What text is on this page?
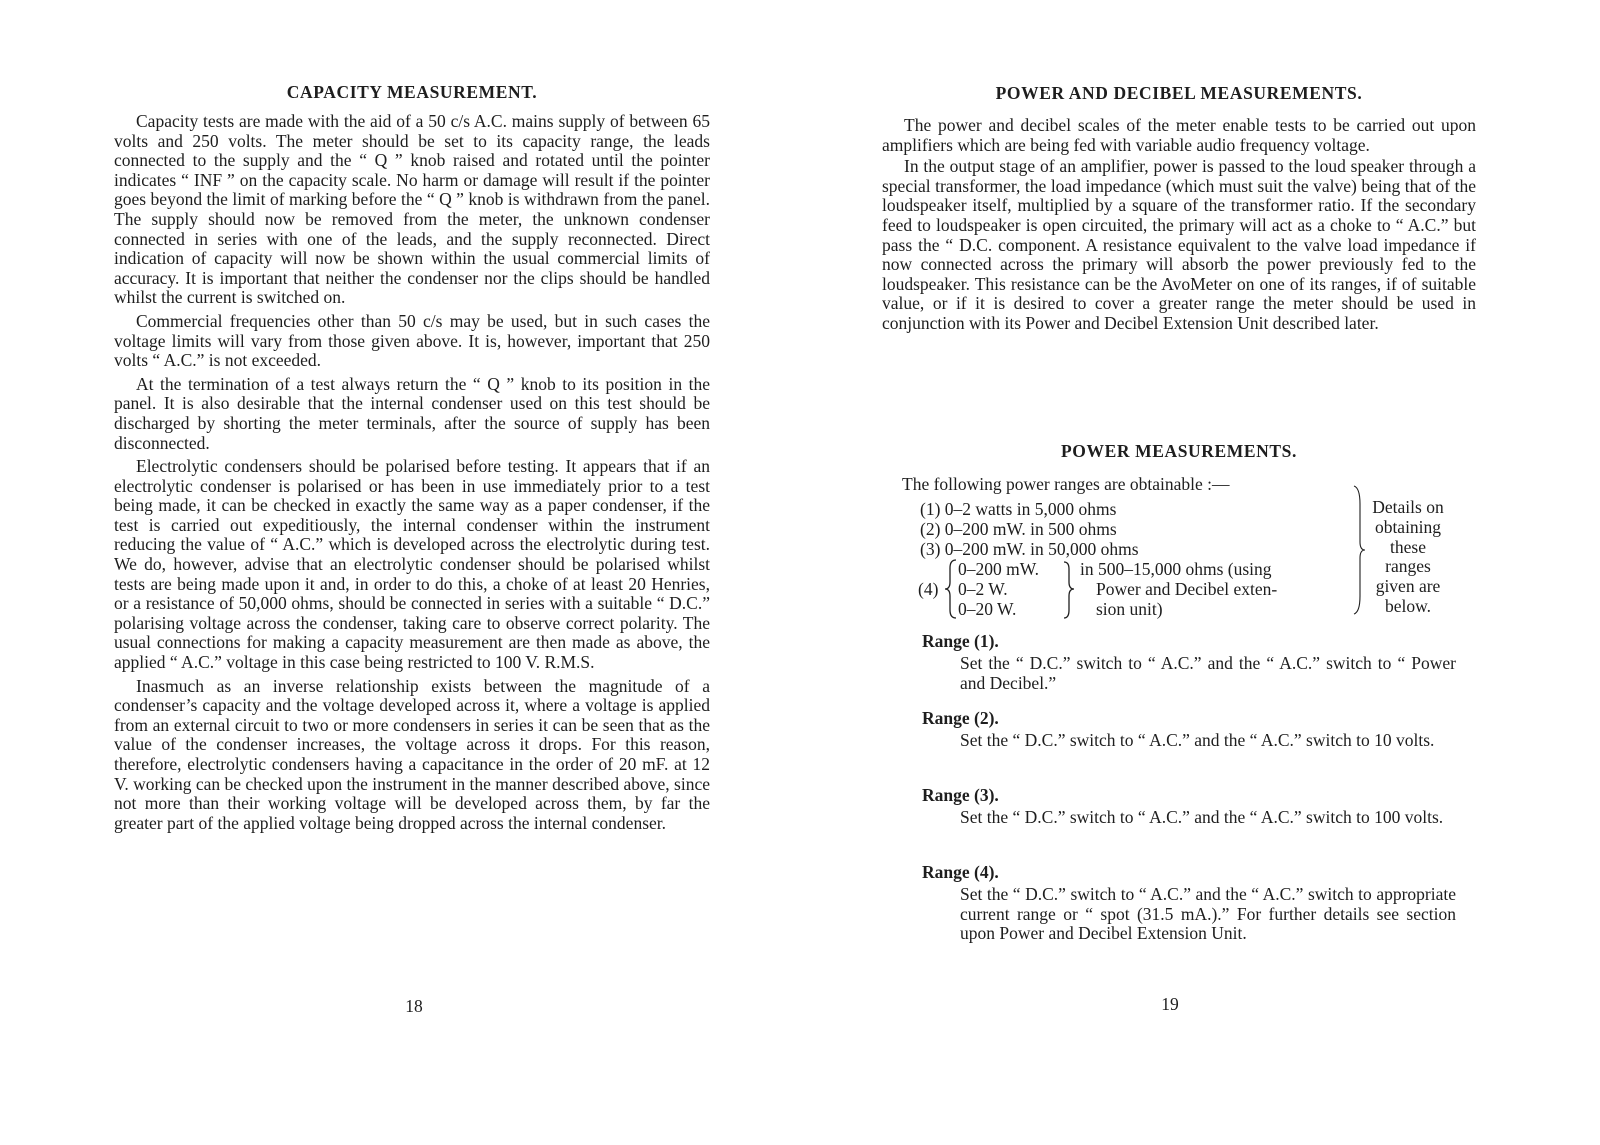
CAPACITY MEASUREMENT.

Capacity tests are made with the aid of a 50 c/s A.C. mains supply of between 65 volts and 250 volts. The meter should be set to its capacity range, the leads connected to the supply and the “ Q ” knob raised and rotated until the pointer indicates “ INF ” on the capacity scale. No harm or damage will result if the pointer goes beyond the limit of marking before the “ Q ” knob is withdrawn from the panel. The supply should now be removed from the meter, the unknown condenser connected in series with one of the leads, and the supply reconnected. Direct indication of capacity will now be shown within the usual commercial limits of accuracy. It is important that neither the condenser nor the clips should be handled whilst the current is switched on.

Commercial frequencies other than 50 c/s may be used, but in such cases the voltage limits will vary from those given above. It is, however, important that 250 volts “ A.C.” is not exceeded.

At the termination of a test always return the “ Q ” knob to its position in the panel. It is also desirable that the internal condenser used on this test should be discharged by shorting the meter terminals, after the source of supply has been disconnected.

Electrolytic condensers should be polarised before testing. It appears that if an electrolytic condenser is polarised or has been in use immediately prior to a test being made, it can be checked in exactly the same way as a paper condenser, if the test is carried out expeditiously, the internal condenser within the instrument reducing the value of “ A.C.” which is developed across the electrolytic during test. We do, however, advise that an electrolytic condenser should be polarised whilst tests are being made upon it and, in order to do this, a choke of at least 20 Henries, or a resistance of 50,000 ohms, should be connected in series with a suitable “ D.C.” polarising voltage across the condenser, taking care to observe correct polarity. The usual connections for making a capacity measurement are then made as above, the applied “ A.C.” voltage in this case being restricted to 100 V. R.M.S.

Inasmuch as an inverse relationship exists between the magnitude of a condenser’s capacity and the voltage developed across it, where a voltage is applied from an external circuit to two or more condensers in series it can be seen that as the value of the condenser increases, the voltage across it drops. For this reason, therefore, electrolytic condensers having a capacitance in the order of 20 mF. at 12 V. working can be checked upon the instrument in the manner described above, since not more than their working voltage will be developed across them, by far the greater part of the applied voltage being dropped across the internal condenser.

18
POWER AND DECIBEL MEASUREMENTS.

The power and decibel scales of the meter enable tests to be carried out upon amplifiers which are being fed with variable audio frequency voltage.

In the output stage of an amplifier, power is passed to the loud speaker through a special transformer, the load impedance (which must suit the valve) being that of the loudspeaker itself, multiplied by a square of the transformer ratio. If the secondary feed to loudspeaker is open circuited, the primary will act as a choke to “ A.C.” but pass the “ D.C. component. A resistance equivalent to the valve load impedance if now connected across the primary will absorb the power previously fed to the loudspeaker. This resistance can be the AvoMeter on one of its ranges, if of suitable value, or if it is desired to cover a greater range the meter should be used in conjunction with its Power and Decibel Extension Unit described later.

POWER MEASUREMENTS.
The following power ranges are obtainable :—
(1) 0–2 watts in 5,000 ohms
(2) 0–200 mW. in 500 ohms
(3) 0–200 mW. in 50,000 ohms
(4)
0–200 mW.
0–2 W.
0–20 W.
in 500–15,000 ohms (using
Power and Decibel exten-
sion unit)
Details on
obtaining
these
ranges
given are
below.

Range (1).

Set the “ D.C.” switch to “ A.C.” and the “ A.C.” switch to “ Power and Decibel.”

Range (2).

Set the “ D.C.” switch to “ A.C.” and the “ A.C.” switch to 10 volts.

Range (3).

Set the “ D.C.” switch to “ A.C.” and the “ A.C.” switch to 100 volts.

Range (4).

Set the “ D.C.” switch to “ A.C.” and the “ A.C.” switch to appropriate current range or “ spot (31.5 mA.).” For further details see section upon Power and Decibel Extension Unit.

19
